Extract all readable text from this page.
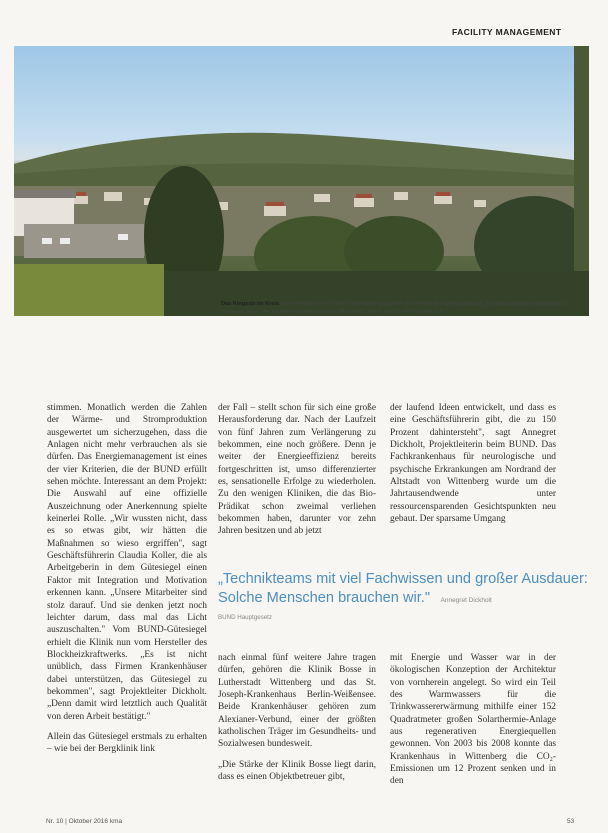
FACILITY MANAGEMENT
Das Kingsstr im Kreis um Wartnutz ist das BUND-Gütesiegel zugunsten an Einblick zu seinen Gebäude „Energiesparendes Krankenhaus" ausgezeichnet - der andere Verbund zwischen Wittenberg Sonne und als 40 Punkten auf.

stimmen. Monatlich werden die Zahlen der Wärme- und Stromproduktion ausgewertet um sicherzugehen, dass die Anlagen nicht mehr verbrauchen als sie dürfen. Das Energiemanagement ist eines der vier Kriterien, die der BUND erfüllt sehen möchte. Interessant an dem Projekt: Die Auswahl auf eine offizielle Auszeichnung oder Anerkennung spielte keinerlei Rolle. „Wir wussten nicht, dass es so etwas gibt, wir hätten die Maßnahmen so wieso ergriffen", sagt Geschäftsführerin Claudia Koller, die als Arbeitgeberin in dem Gütesiegel einen Faktor mit Integration und Motivation erkennen kann. „Unsere Mitarbeiter sind stolz darauf. Und sie denken jetzt noch leichter darum, dass mal das Licht auszuschalten." Vom BUND-Gütesiegel erhielt die Klinik nun vom Hersteller des Blockheizkraftwerks. „Es ist nicht unüblich, dass Firmen Krankenhäuser dabei unterstützen, das Gütesiegel zu bekommen", sagt Projektleiter Dickholt. „Denn damit wird letztlich auch Qualität von deren Arbeit bestätigt."

Allein das Gütesiegel erstmals zu erhalten – wie bei der Bergklinik link

der Fall – stellt schon für sich eine große Herausforderung dar. Nach der Laufzeit von fünf Jahren zum Verlängerung zu bekommen, eine noch größere. Denn je weiter der Energieeffizienz bereits fortgeschritten ist, umso differenzierter es, sensationelle Erfolge zu wiederholen. Zu den wenigen Kliniken, die das Bio-Prädikat schon zweimal verliehen bekommen haben, darunter vor zehn Jahren besitzen und ab jetzt

der laufend Ideen entwickelt, und dass es eine Geschäftsführerin gibt, die zu 150 Prozent dahintersteht", sagt Annegret Dickholt, Projektleiterin beim BUND. Das Fachkrankenhaus für neurologische und psychische Erkrankungen am Nordrand der Altstadt von Wittenberg wurde um die Jahrtausendwende unter ressourcensparenden Gesichtspunkten neu gebaut. Der sparsame Umgang

„Technikteams mit viel Fachwissen und großer Ausdauer: Solche Menschen brauchen wir." Annegret Dickholt
BUND Hauptgesetz

nach einmal fünf weitere Jahre tragen dürfen, gehören die Klinik Bosse in Lutherstadt Wittenberg und das St. Joseph-Krankenhaus Berlin-Weißensee. Beide Krankenhäuser gehören zum Alexianer-Verbund, einer der größten katholischen Träger im Gesundheits- und Sozialwesen bundesweit.

„Die Stärke der Klinik Bosse liegt darin, dass es einen Objektbetreuer gibt,

mit Energie und Wasser war in der ökologischen Konzeption der Architektur von vornherein angelegt. So wird ein Teil des Warmwassers für die Trinkwassererwärmung mithilfe einer 152 Quadratmeter großen Solarthermie-Anlage aus regenerativen Energiequellen gewonnen. Von 2003 bis 2008 konnte das Krankenhaus in Wittenberg die CO₂-Emissionen um 12 Prozent senken und in den

Nr. 10 | Oktober 2016 kma	53
